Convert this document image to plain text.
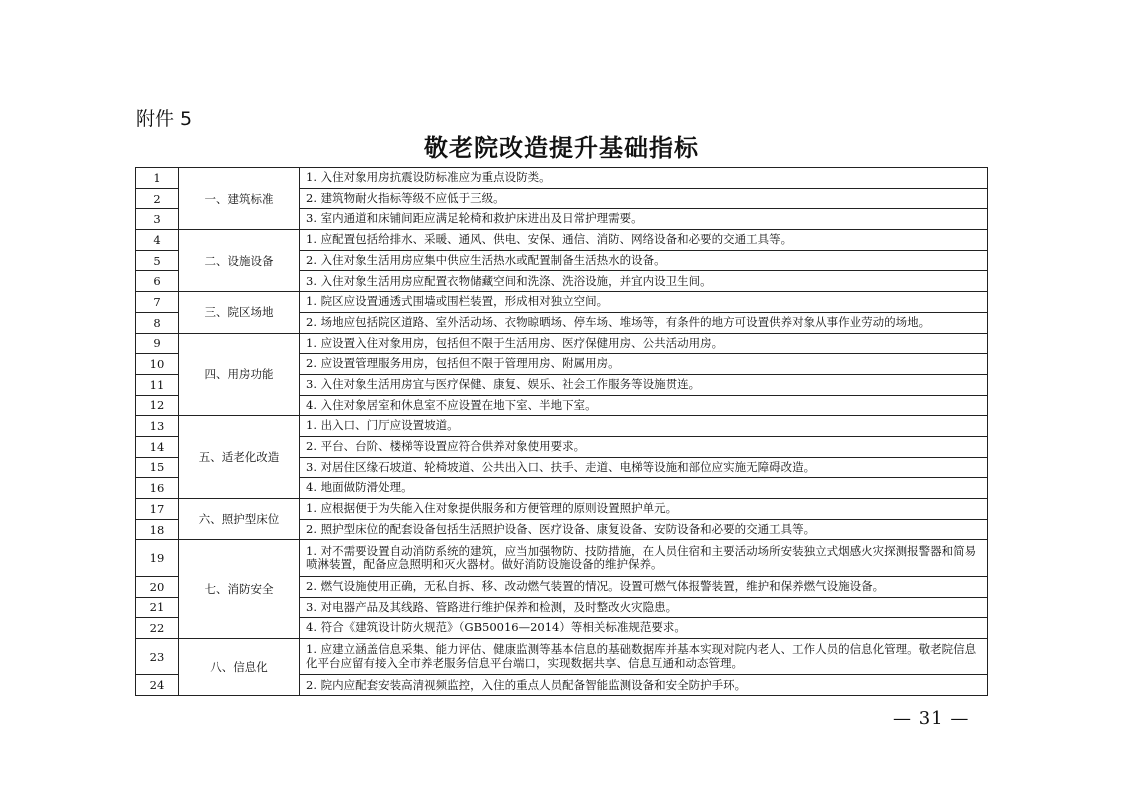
附件 5
敬老院改造提升基础指标
1	一、建筑标准	1. 入住对象用房抗震设防标准应为重点设防类。
2		2. 建筑物耐火指标等级不应低于三级。
3		3. 室内通道和床铺间距应满足轮椅和救护床进出及日常护理需要。
4	二、设施设备	1. 应配置包括给排水、采暖、通风、供电、安保、通信、消防、网络设备和必要的交通工具等。
5		2. 入住对象生活用房应集中供应生活热水或配置制备生活热水的设备。
6		3. 入住对象生活用房应配置衣物储藏空间和洗涤、洗浴设施，并宜内设卫生间。
7	三、院区场地	1. 院区应设置通透式围墙或围栏装置，形成相对独立空间。
8		2. 场地应包括院区道路、室外活动场、衣物晾晒场、停车场、堆场等，有条件的地方可设置供养对象从事作业劳动的场地。
9	四、用房功能	1. 应设置入住对象用房，包括但不限于生活用房、医疗保健用房、公共活动用房。
10		2. 应设置管理服务用房，包括但不限于管理用房、附属用房。
11		3. 入住对象生活用房宜与医疗保健、康复、娱乐、社会工作服务等设施贯连。
12		4. 入住对象居室和休息室不应设置在地下室、半地下室。
13	五、适老化改造	1. 出入口、门厅应设置坡道。
14		2. 平台、台阶、楼梯等设置应符合供养对象使用要求。
15		3. 对居住区缘石坡道、轮椅坡道、公共出入口、扶手、走道、电梯等设施和部位应实施无障碍改造。
16		4. 地面做防滑处理。
17	六、照护型床位	1. 应根据便于为失能入住对象提供服务和方便管理的原则设置照护单元。
18		2. 照护型床位的配套设备包括生活照护设备、医疗设备、康复设备、安防设备和必要的交通工具等。
19	七、消防安全	1. 对不需要设置自动消防系统的建筑，应当加强物防、技防措施，在人员住宿和主要活动场所安装独立式烟感火灾探测报警器和简易喷淋装置，配备应急照明和灭火器材。做好消防设施设备的维护保养。
20		2. 燃气设施使用正确，无私自拆、移、改动燃气装置的情况。设置可燃气体报警装置，维护和保养燃气设施设备。
21		3. 对电器产品及其线路、管路进行维护保养和检测，及时整改火灾隐患。
22		4. 符合《建筑设计防火规范》（GB50016—2014）等相关标准规范要求。
23	八、信息化	1. 应建立涵盖信息采集、能力评估、健康监测等基本信息的基础数据库并基本实现对院内老人、工作人员的信息化管理。敬老院信息化平台应留有接入全市养老服务信息平台端口，实现数据共享、信息互通和动态管理。
24		2. 院内应配套安装高清视频监控，入住的重点人员配备智能监测设备和安全防护手环。
— 31 —
